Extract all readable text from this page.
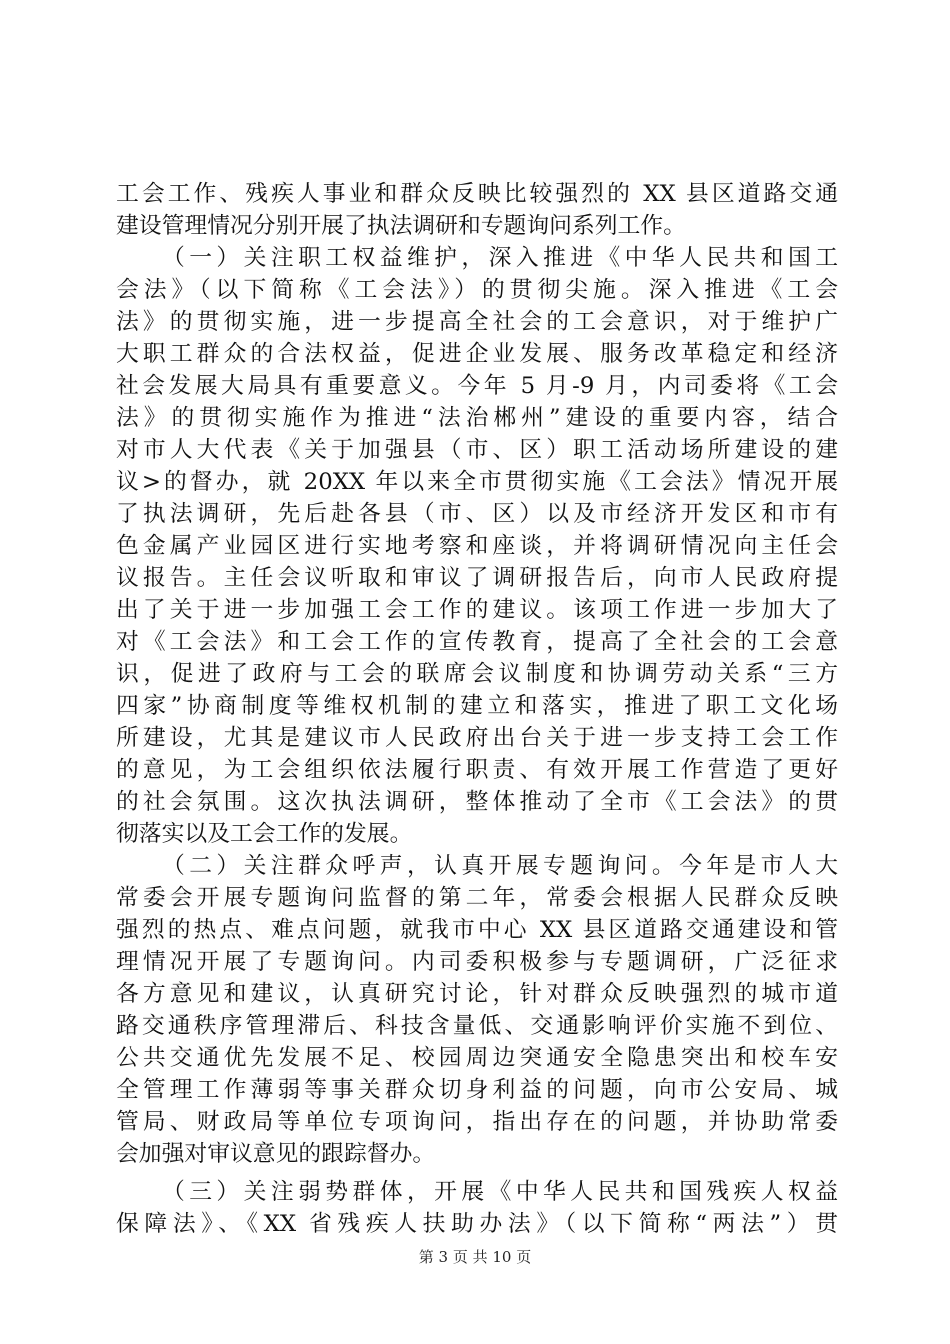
工会工作、残疾人事业和群众反映比较强烈的 XX 县区道路交通
建设管理情况分别开展了执法调研和专题询问系列工作。
（一）关注职工权益维护，深入推进《中华人民共和国工
会法》（以下简称《工会法》）的贯彻尖施。深入推进《工会
法》的贯彻实施，进一步提高全社会的工会意识，对于维护广
大职工群众的合法权益，促进企业发展、服务改革稳定和经济
社会发展大局具有重要意义。今年 5 月-9 月，内司委将《工会
法》的贯彻实施作为推进“法治郴州”建设的重要内容，结合
对市人大代表《关于加强县（市、区）职工活动场所建设的建
议>的督办，就 20XX 年以来全市贯彻实施《工会法》情况开展
了执法调研，先后赴各县（市、区）以及市经济开发区和市有
色金属产业园区进行实地考察和座谈，并将调研情况向主任会
议报告。主任会议听取和审议了调研报告后，向市人民政府提
出了关于进一步加强工会工作的建议。该项工作进一步加大了
对《工会法》和工会工作的宣传教育，提高了全社会的工会意
识，促进了政府与工会的联席会议制度和协调劳动关系“三方
四家”协商制度等维权机制的建立和落实，推进了职工文化场
所建设，尤其是建议市人民政府出台关于进一步支持工会工作
的意见，为工会组织依法履行职责、有效开展工作营造了更好
的社会氛围。这次执法调研，整体推动了全市《工会法》的贯
彻落实以及工会工作的发展。
（二）关注群众呼声，认真开展专题询问。今年是市人大
常委会开展专题询问监督的第二年，常委会根据人民群众反映
强烈的热点、难点问题，就我市中心 XX 县区道路交通建设和管
理情况开展了专题询问。内司委积极参与专题调研，广泛征求
各方意见和建议，认真研究讨论，针对群众反映强烈的城市道
路交通秩序管理滞后、科技含量低、交通影响评价实施不到位、
公共交通优先发展不足、校园周边突通安全隐患突出和校车安
全管理工作薄弱等事关群众切身利益的问题，向市公安局、城
管局、财政局等单位专项询问，指出存在的问题，并协助常委
会加强对审议意见的跟踪督办。
（三）关注弱势群体，开展《中华人民共和国残疾人权益
保障法》、《XX 省残疾人扶助办法》（以下简称“两法”）贯
第 3 页 共 10 页
